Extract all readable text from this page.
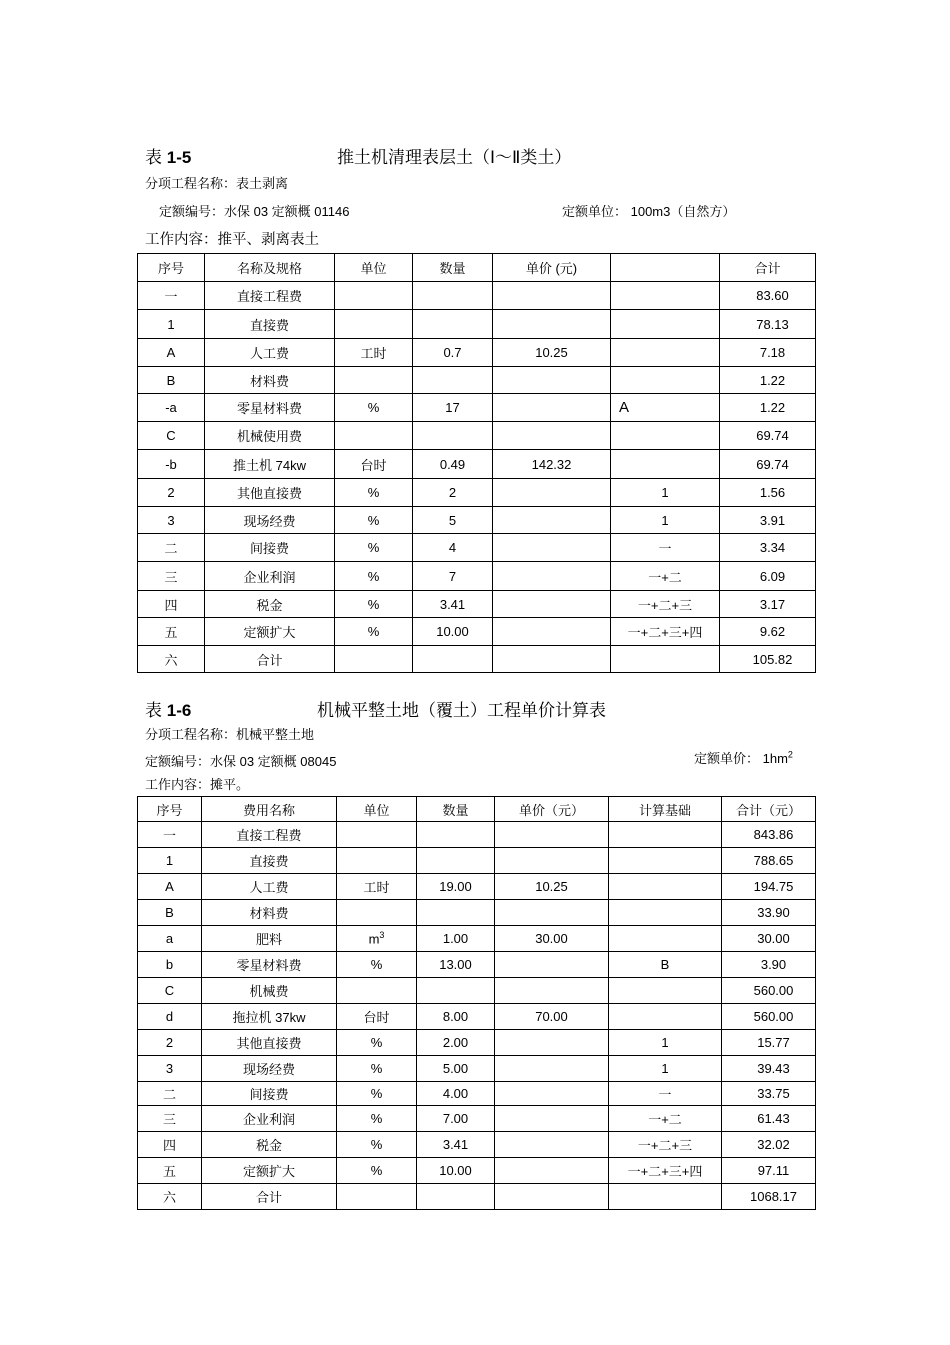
表 1-5	推土机清理表层土（Ⅰ～Ⅱ类土）
分项工程名称：表土剥离
定额编号：水保 03 定额概 01146	定额单位： 100m3（自然方）
工作内容：推平、剥离表土
序号	名称及规格	单位	数量	单价 (元)		合计
一	直接工程费					83.60
1	直接费					78.13
A	人工费	工时	0.7	10.25		7.18
B	材料费					1.22
-a	零星材料费	%	17		A	1.22
C	机械使用费					69.74
-b	推土机 74kw	台时	0.49	142.32		69.74
2	其他直接费	%	2		1	1.56
3	现场经费	%	5		1	3.91
二	间接费	%	4		一	3.34
三	企业利润	%	7		一+二	6.09
四	税金	%	3.41		一+二+三	3.17
五	定额扩大	%	10.00		一+二+三+四	9.62
六	合计					105.82
表 1-6	机械平整土地（覆土）工程单价计算表
分项工程名称：机械平整土地
定额编号：水保 03 定额概 08045	定额单价： $1hm^2$
工作内容：摊平。
序号	费用名称	单位	数量	单价（元）	计算基础	合计（元）
一	直接工程费					843.86
1	直接费					788.65
A	人工费	工时	19.00	10.25		194.75
B	材料费					33.90
a	肥料	$m^3$	1.00	30.00		30.00
b	零星材料费	%	13.00		B	3.90
C	机械费					560.00
d	拖拉机 37kw	台时	8.00	70.00		560.00
2	其他直接费	%	2.00		1	15.77
3	现场经费	%	5.00		1	39.43
二	间接费	%	4.00		一	33.75
三	企业利润	%	7.00		一+二	61.43
四	税金	%	3.41		一+二+三	32.02
五	定额扩大	%	10.00		一+二+三+四	97.11
六	合计					1068.17
